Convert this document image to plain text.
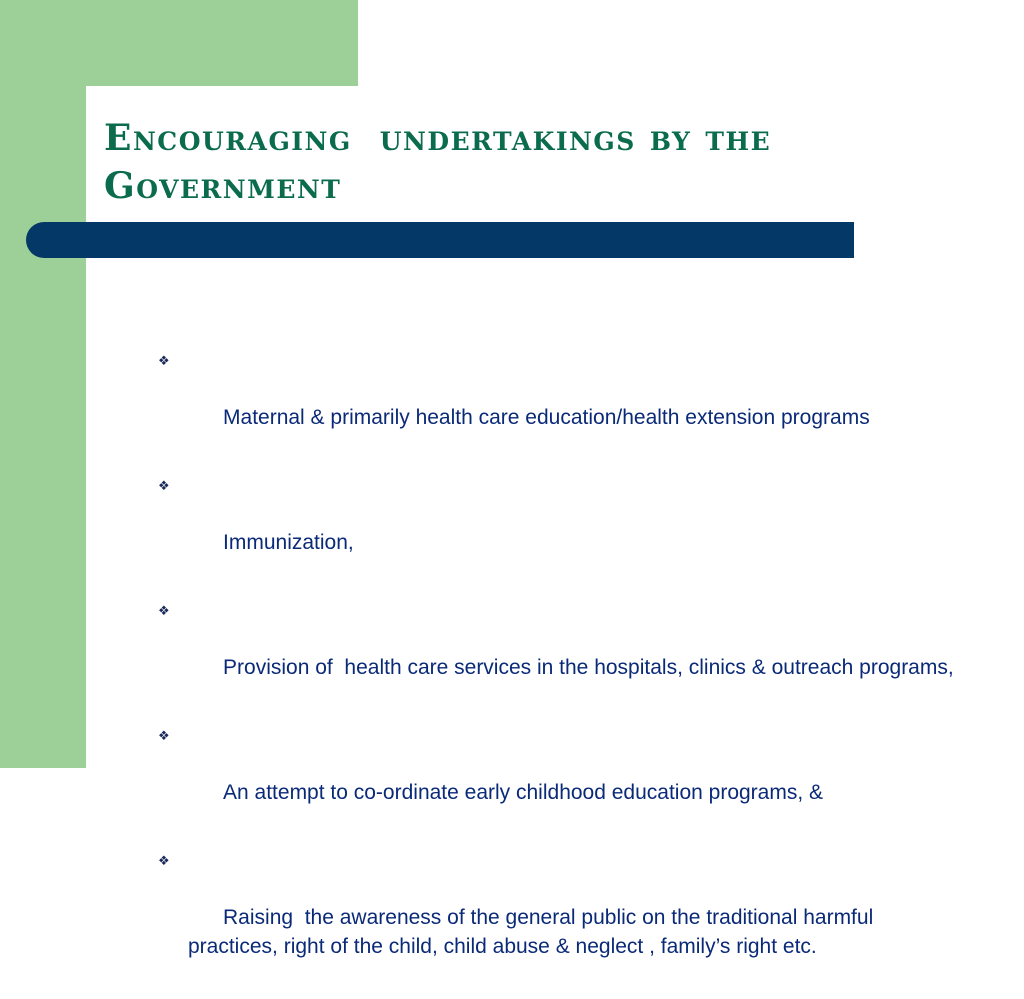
Encouraging  undertakings by the Government

❖

Maternal & primarily health care education/health extension programs

❖

Immunization,

❖

Provision of  health care services in the hospitals, clinics & outreach programs,

❖

An attempt to co-ordinate early childhood education programs, &

❖

Raising  the awareness of the general public on the traditional harmful practices, right of the child, child abuse & neglect , family’s right etc.
